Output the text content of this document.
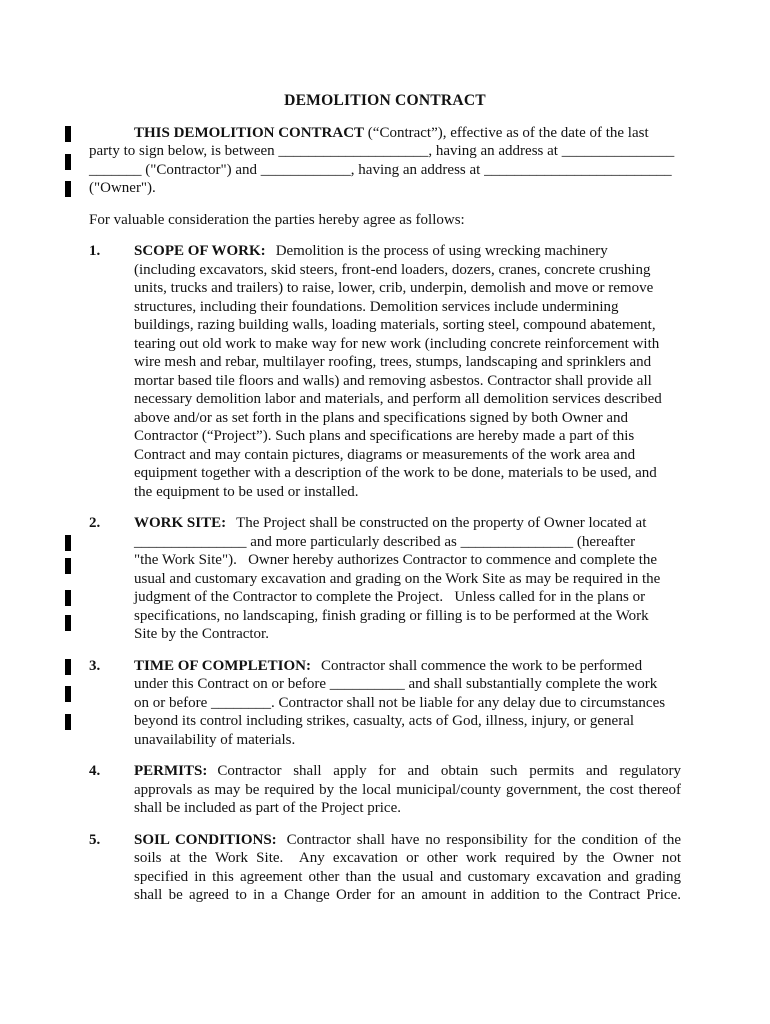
DEMOLITION CONTRACT
THIS DEMOLITION CONTRACT (“Contract”), effective as of the date of the last
party to sign below, is between ____________________, having an address at _______________
_______ ("Contractor") and ____________, having an address at _________________________
("Owner").
For valuable consideration the parties hereby agree as follows:
1.	SCOPE OF WORK: Demolition is the process of using wrecking machinery
(including excavators, skid steers, front-end loaders, dozers, cranes, concrete crushing
units, trucks and trailers) to raise, lower, crib, underpin, demolish and move or remove
structures, including their foundations. Demolition services include undermining
buildings, razing building walls, loading materials, sorting steel, compound abatement,
tearing out old work to make way for new work (including concrete reinforcement with
wire mesh and rebar, multilayer roofing, trees, stumps, landscaping and sprinklers and
mortar based tile floors and walls) and removing asbestos. Contractor shall provide all
necessary demolition labor and materials, and perform all demolition services described
above and/or as set forth in the plans and specifications signed by both Owner and
Contractor (“Project”). Such plans and specifications are hereby made a part of this
Contract and may contain pictures, diagrams or measurements of the work area and
equipment together with a description of the work to be done, materials to be used, and
the equipment to be used or installed.
2.	WORK SITE: The Project shall be constructed on the property of Owner located at
_______________ and more particularly described as _______________ (hereafter
"the Work Site").   Owner hereby authorizes Contractor to commence and complete the
usual and customary excavation and grading on the Work Site as may be required in the
judgment of the Contractor to complete the Project.   Unless called for in the plans or
specifications, no landscaping, finish grading or filling is to be performed at the Work
Site by the Contractor.
3.	TIME OF COMPLETION: Contractor shall commence the work to be performed
under this Contract on or before __________ and shall substantially complete the work
on or before ________. Contractor shall not be liable for any delay due to circumstances
beyond its control including strikes, casualty, acts of God, illness, injury, or general
unavailability of materials.
4.	PERMITS: Contractor shall apply for and obtain such permits and regulatory
approvals as may be required by the local municipal/county government, the cost thereof
shall be included as part of the Project price.
5.	SOIL CONDITIONS: Contractor shall have no responsibility for the condition of the
soils at the Work Site.  Any excavation or other work required by the Owner not
specified in this agreement other than the usual and customary excavation and grading
shall be agreed to in a Change Order for an amount in addition to the Contract Price.
